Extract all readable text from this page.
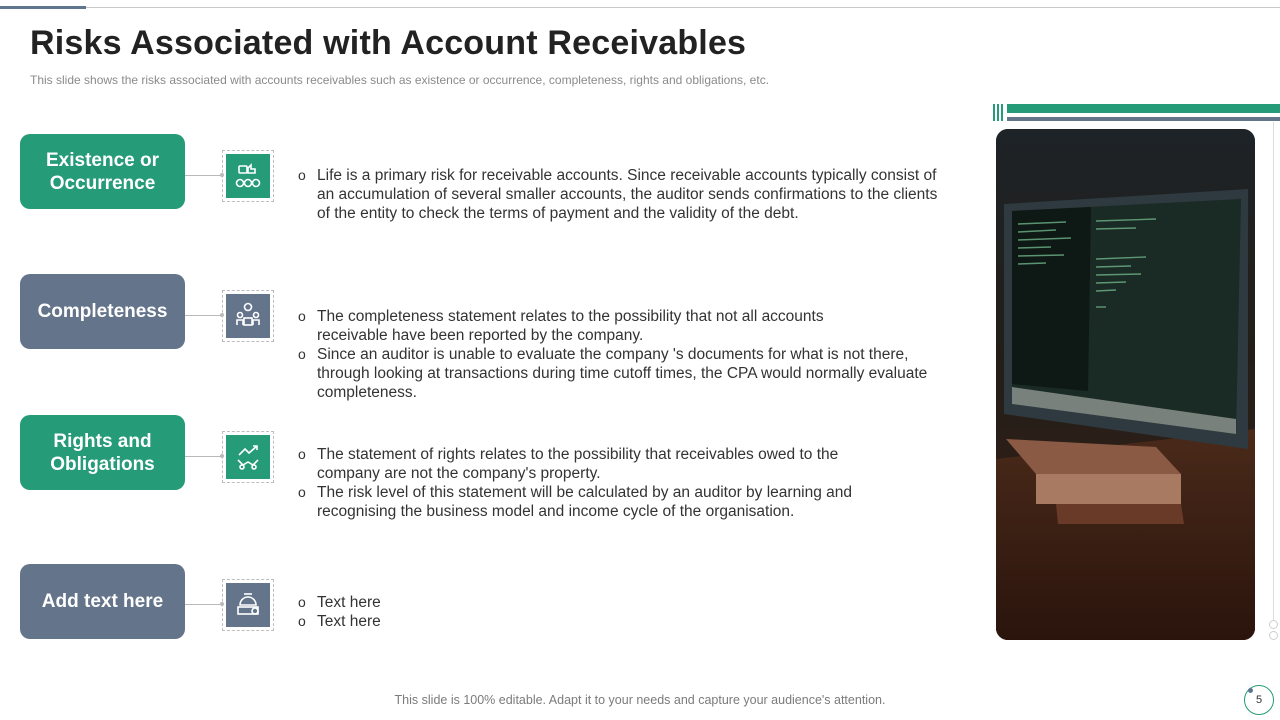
Risks Associated with Account Receivables

This slide shows the risks associated with accounts receivables such as existence or occurrence, completeness, rights and obligations, etc.

Existence or Occurrence	o Life is a primary risk for receivable accounts. Since receivable accounts typically consist of an accumulation of several smaller accounts, the auditor sends confirmations to the clients of the entity to check the terms of payment and the validity of the debt.
Completeness	o The completeness statement relates to the possibility that not all accounts receivable have been reported by the company.
o Since an auditor is unable to evaluate the company 's documents for what is not there, through looking at transactions during time cutoff times, the CPA would normally evaluate completeness.
Rights and Obligations	o The statement of rights relates to the possibility that receivables owed to the company are not the company's property.
o The risk level of this statement will be calculated by an auditor by learning and recognising the business model and income cycle of the organisation.
Add text here	o Text here
o Text here

This slide is 100% editable. Adapt it to your needs and capture your audience's attention.	5
